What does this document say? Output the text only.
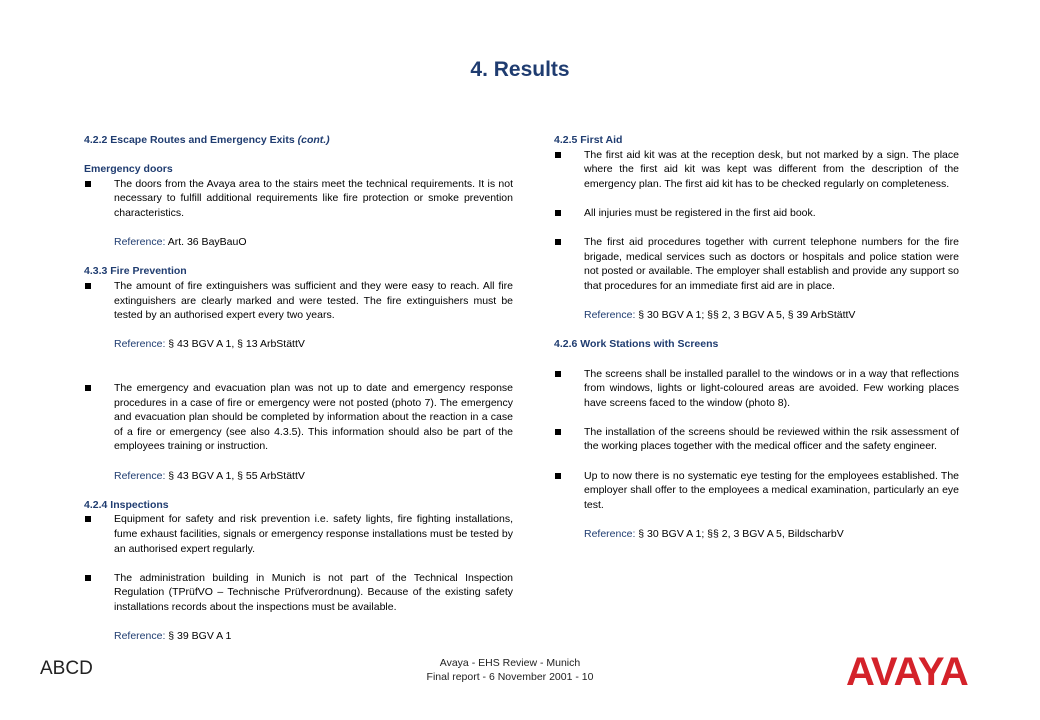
4. Results
4.2.2 Escape Routes and Emergency Exits (cont.)
Emergency doors
The doors from the Avaya area to the stairs meet the technical requirements. It is not necessary to fulfill additional requirements like fire protection or smoke prevention characteristics.
Reference: Art. 36 BayBauO
4.3.3 Fire Prevention
The amount of fire extinguishers was sufficient and they were easy to reach. All fire extinguishers are clearly marked and were tested. The fire extinguishers must be tested by an authorised expert every two years.
Reference: § 43 BGV A 1, § 13 ArbStättV
The emergency and evacuation plan was not up to date and emergency response procedures in a case of fire or emergency were not posted (photo 7). The emergency and evacuation plan should be completed by information about the reaction in a case of a fire or emergency (see also 4.3.5). This information should also be part of the employees training or instruction.
Reference: § 43 BGV A 1, § 55 ArbStättV
4.2.4 Inspections
Equipment for safety and risk prevention i.e. safety lights, fire fighting installations, fume exhaust facilities, signals or emergency response installations must be tested by an authorised expert regularly.
The administration building in Munich is not part of the Technical Inspection Regulation (TPrüfVO – Technische Prüfverordnung). Because of the existing safety installations records about the inspections must be available.
Reference: § 39 BGV A 1
4.2.5 First Aid
The first aid kit was at the reception desk, but not marked by a sign. The place where the first aid kit was kept was different from the description of the emergency plan. The first aid kit has to be checked regularly on completeness.
All injuries must be registered in the first aid book.
The first aid procedures together with current telephone numbers for the fire brigade, medical services such as doctors or hospitals and police station were not posted or available. The employer shall establish and provide any support so that procedures for an immediate first aid are in place.
Reference: § 30 BGV A 1; §§ 2, 3 BGV A 5, § 39 ArbStättV
4.2.6 Work Stations with Screens
The screens shall be installed parallel to the windows or in a way that reflections from windows, lights or light-coloured areas are avoided. Few working places have screens faced to the window (photo 8).
The installation of the screens should be reviewed within the rsik assessment of the working places together with the medical officer and the safety engineer.
Up to now there is no systematic eye testing for the employees established. The employer shall offer to the employees a medical examination, particularly an eye test.
Reference: § 30 BGV A 1; §§ 2, 3 BGV A 5, BildscharbV
ABCD	Avaya - EHS Review - Munich
Final report - 6 November 2001 - 10	AVAYA
